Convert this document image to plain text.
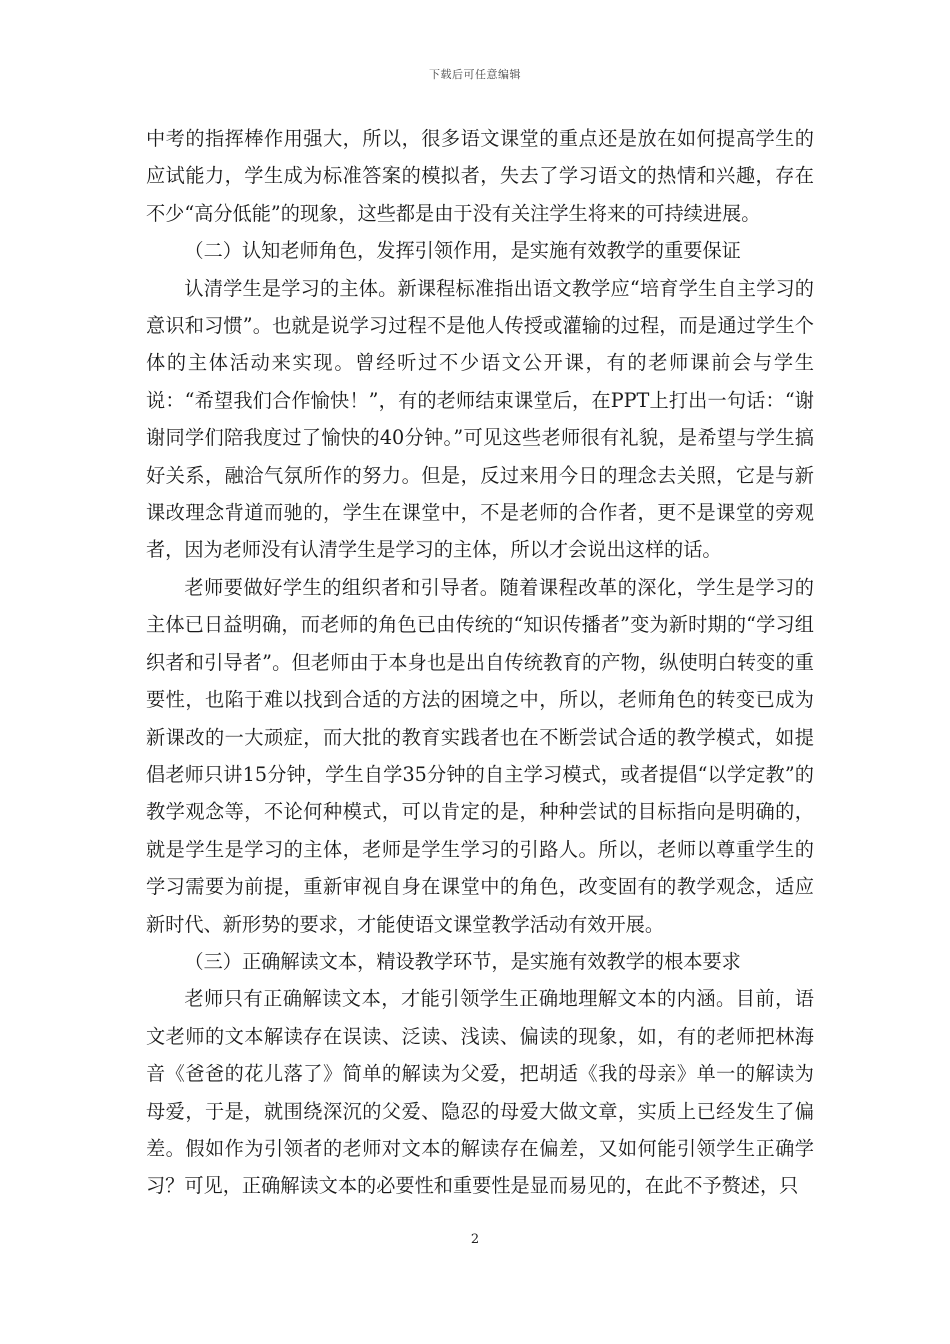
下载后可任意编辑

中考的指挥棒作用强大，所以，很多语文课堂的重点还是放在如何提高学生的应试能力，学生成为标准答案的模拟者，失去了学习语文的热情和兴趣，存在不少“高分低能”的现象，这些都是由于没有关注学生将来的可持续进展。

（二）认知老师角色，发挥引领作用，是实施有效教学的重要保证

认清学生是学习的主体。新课程标准指出语文教学应“培育学生自主学习的意识和习惯”。也就是说学习过程不是他人传授或灌输的过程，而是通过学生个体的主体活动来实现。曾经听过不少语文公开课，有的老师课前会与学生说：“希望我们合作愉快！”，有的老师结束课堂后，在PPT上打出一句话：“谢谢同学们陪我度过了愉快的40分钟。”可见这些老师很有礼貌，是希望与学生搞好关系，融洽气氛所作的努力。但是，反过来用今日的理念去关照，它是与新课改理念背道而驰的，学生在课堂中，不是老师的合作者，更不是课堂的旁观者，因为老师没有认清学生是学习的主体，所以才会说出这样的话。

老师要做好学生的组织者和引导者。随着课程改革的深化，学生是学习的主体已日益明确，而老师的角色已由传统的“知识传播者”变为新时期的“学习组织者和引导者”。但老师由于本身也是出自传统教育的产物，纵使明白转变的重要性，也陷于难以找到合适的方法的困境之中，所以，老师角色的转变已成为新课改的一大顽症，而大批的教育实践者也在不断尝试合适的教学模式，如提倡老师只讲15分钟，学生自学35分钟的自主学习模式，或者提倡“以学定教”的教学观念等，不论何种模式，可以肯定的是，种种尝试的目标指向是明确的，就是学生是学习的主体，老师是学生学习的引路人。所以，老师以尊重学生的学习需要为前提，重新审视自身在课堂中的角色，改变固有的教学观念，适应新时代、新形势的要求，才能使语文课堂教学活动有效开展。

（三）正确解读文本，精设教学环节，是实施有效教学的根本要求

老师只有正确解读文本，才能引领学生正确地理解文本的内涵。目前，语文老师的文本解读存在误读、泛读、浅读、偏读的现象，如，有的老师把林海音《爸爸的花儿落了》简单的解读为父爱，把胡适《我的母亲》单一的解读为母爱，于是，就围绕深沉的父爱、隐忍的母爱大做文章，实质上已经发生了偏差。假如作为引领者的老师对文本的解读存在偏差，又如何能引领学生正确学习？可见，正确解读文本的必要性和重要性是显而易见的，在此不予赘述，只

2
